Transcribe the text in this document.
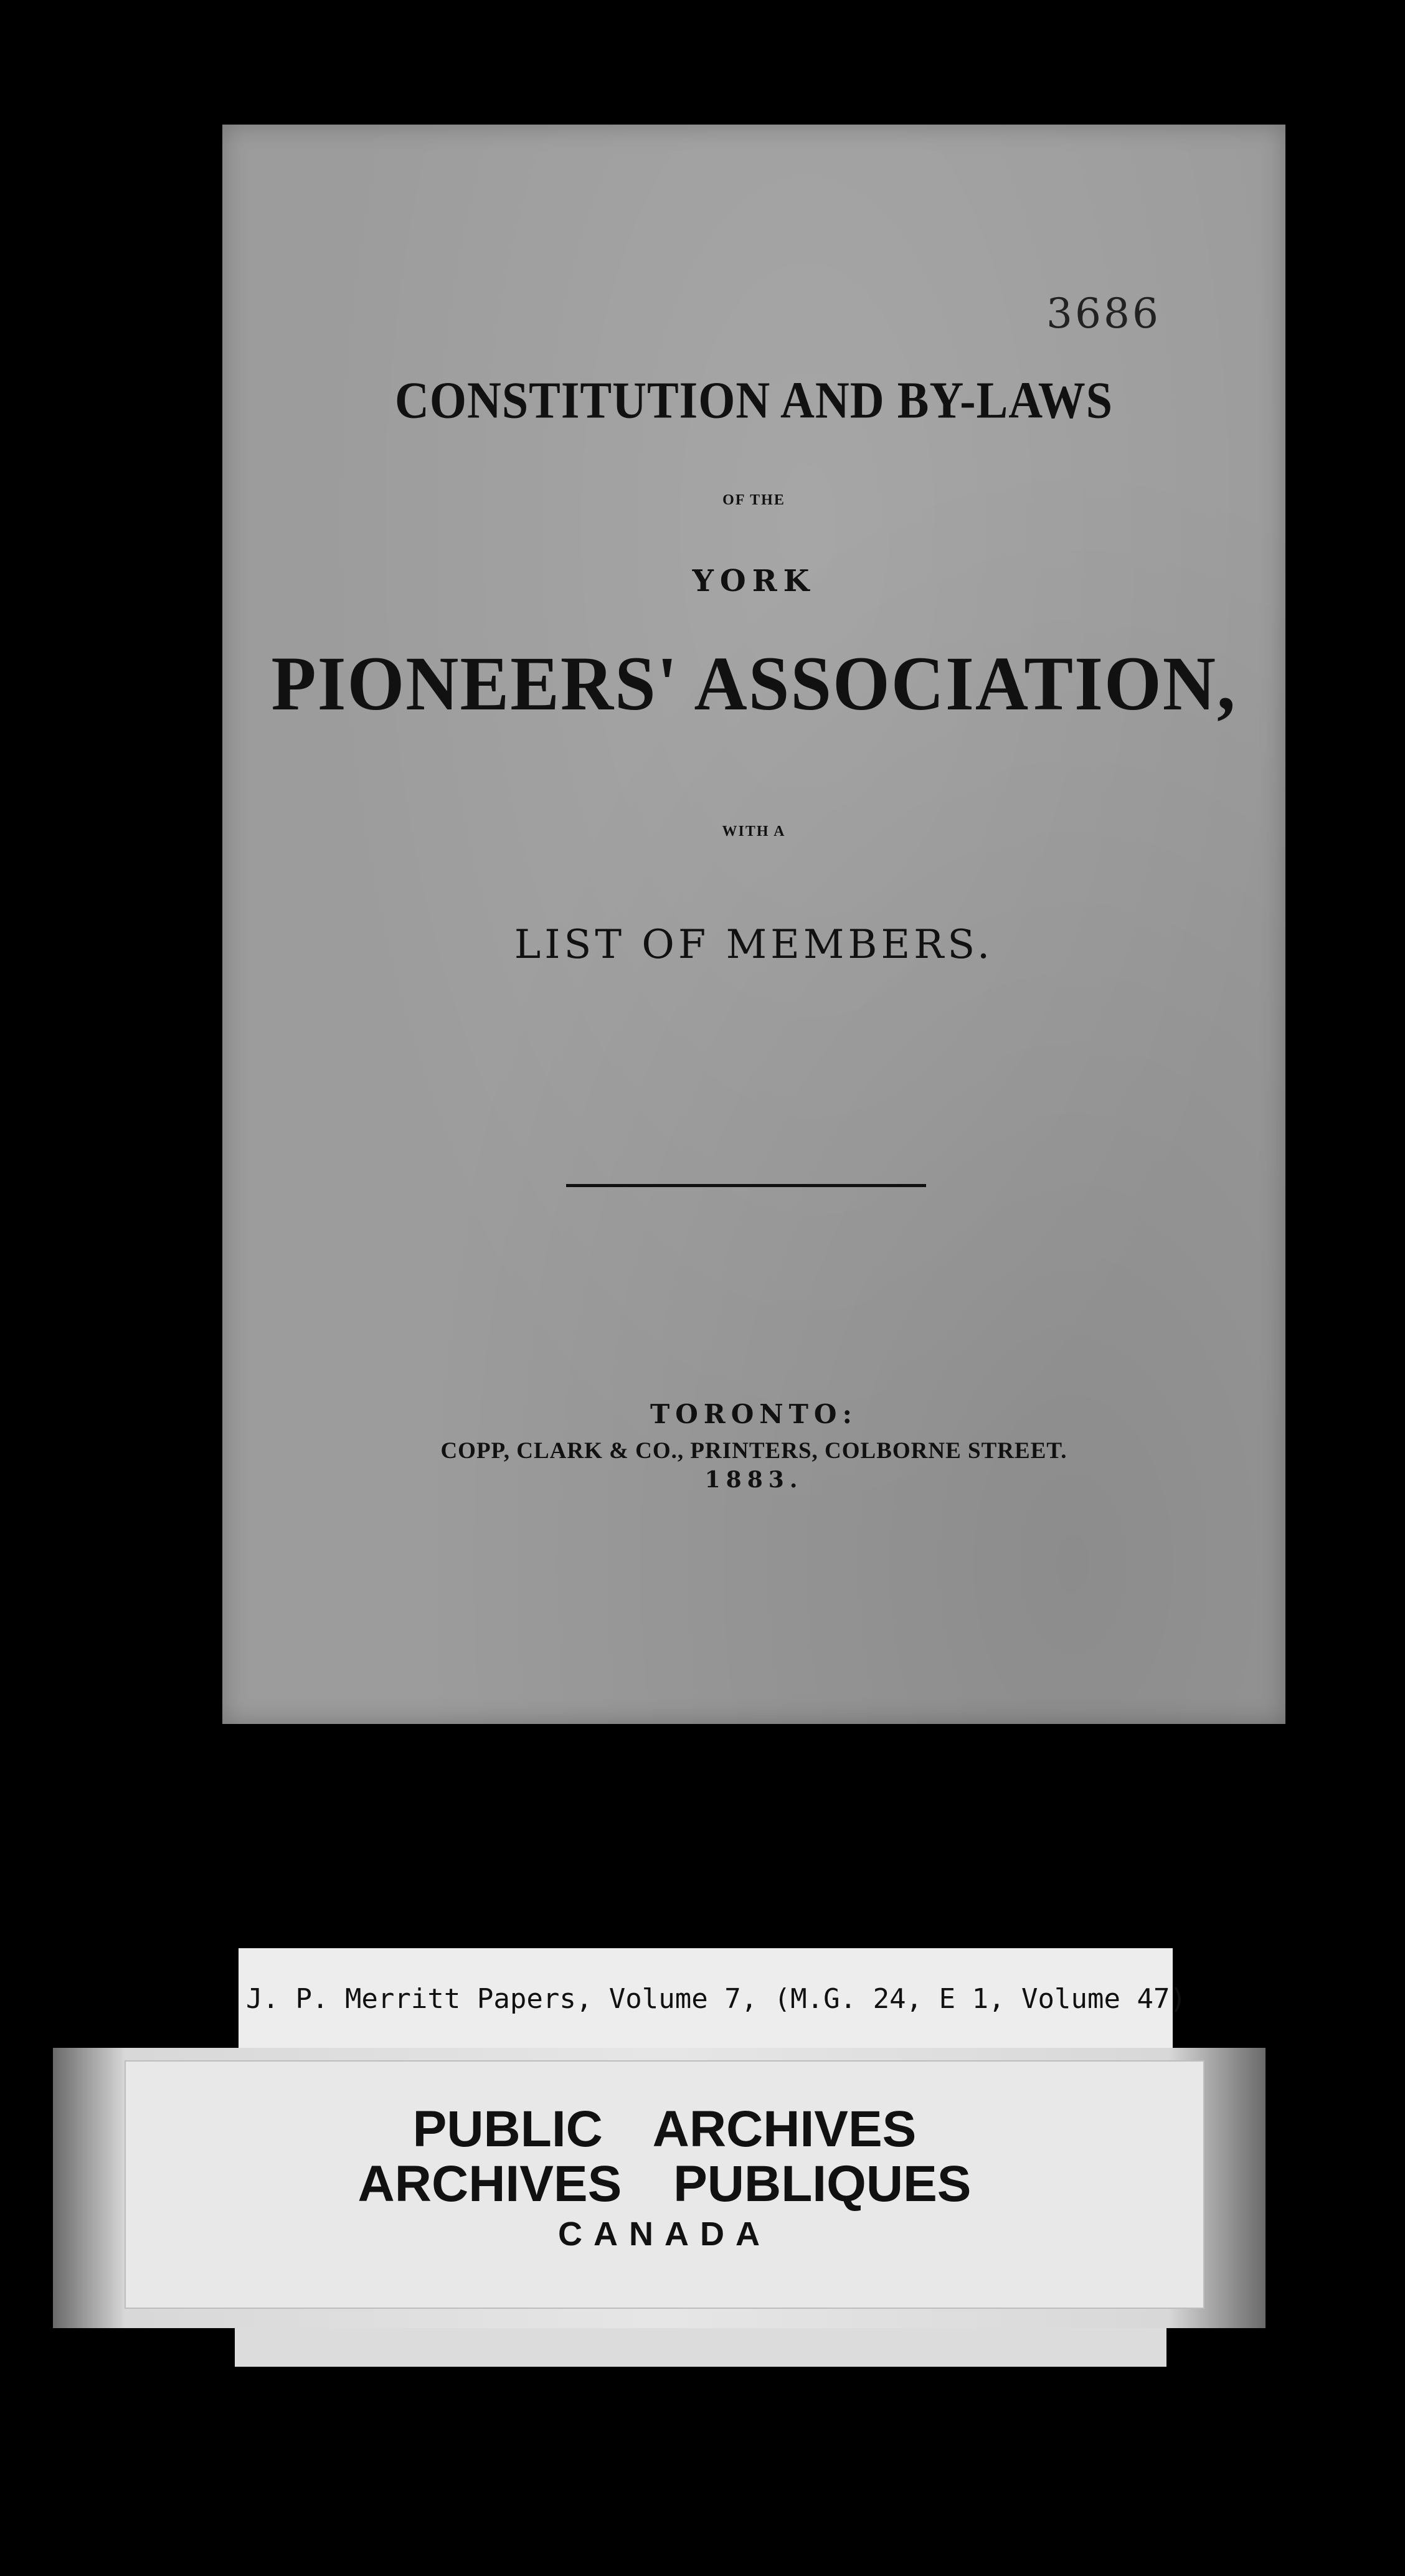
3686
CONSTITUTION AND BY-LAWS
OF THE
YORK
PIONEERS' ASSOCIATION,
WITH A
LIST OF MEMBERS.
TORONTO:
COPP, CLARK & CO., PRINTERS, COLBORNE STREET.
1883.
J. P. Merritt Papers, Volume 7, (M.G. 24, E 1, Volume 47)
PUBLIC ARCHIVES
ARCHIVES PUBLIQUES
CANADA
